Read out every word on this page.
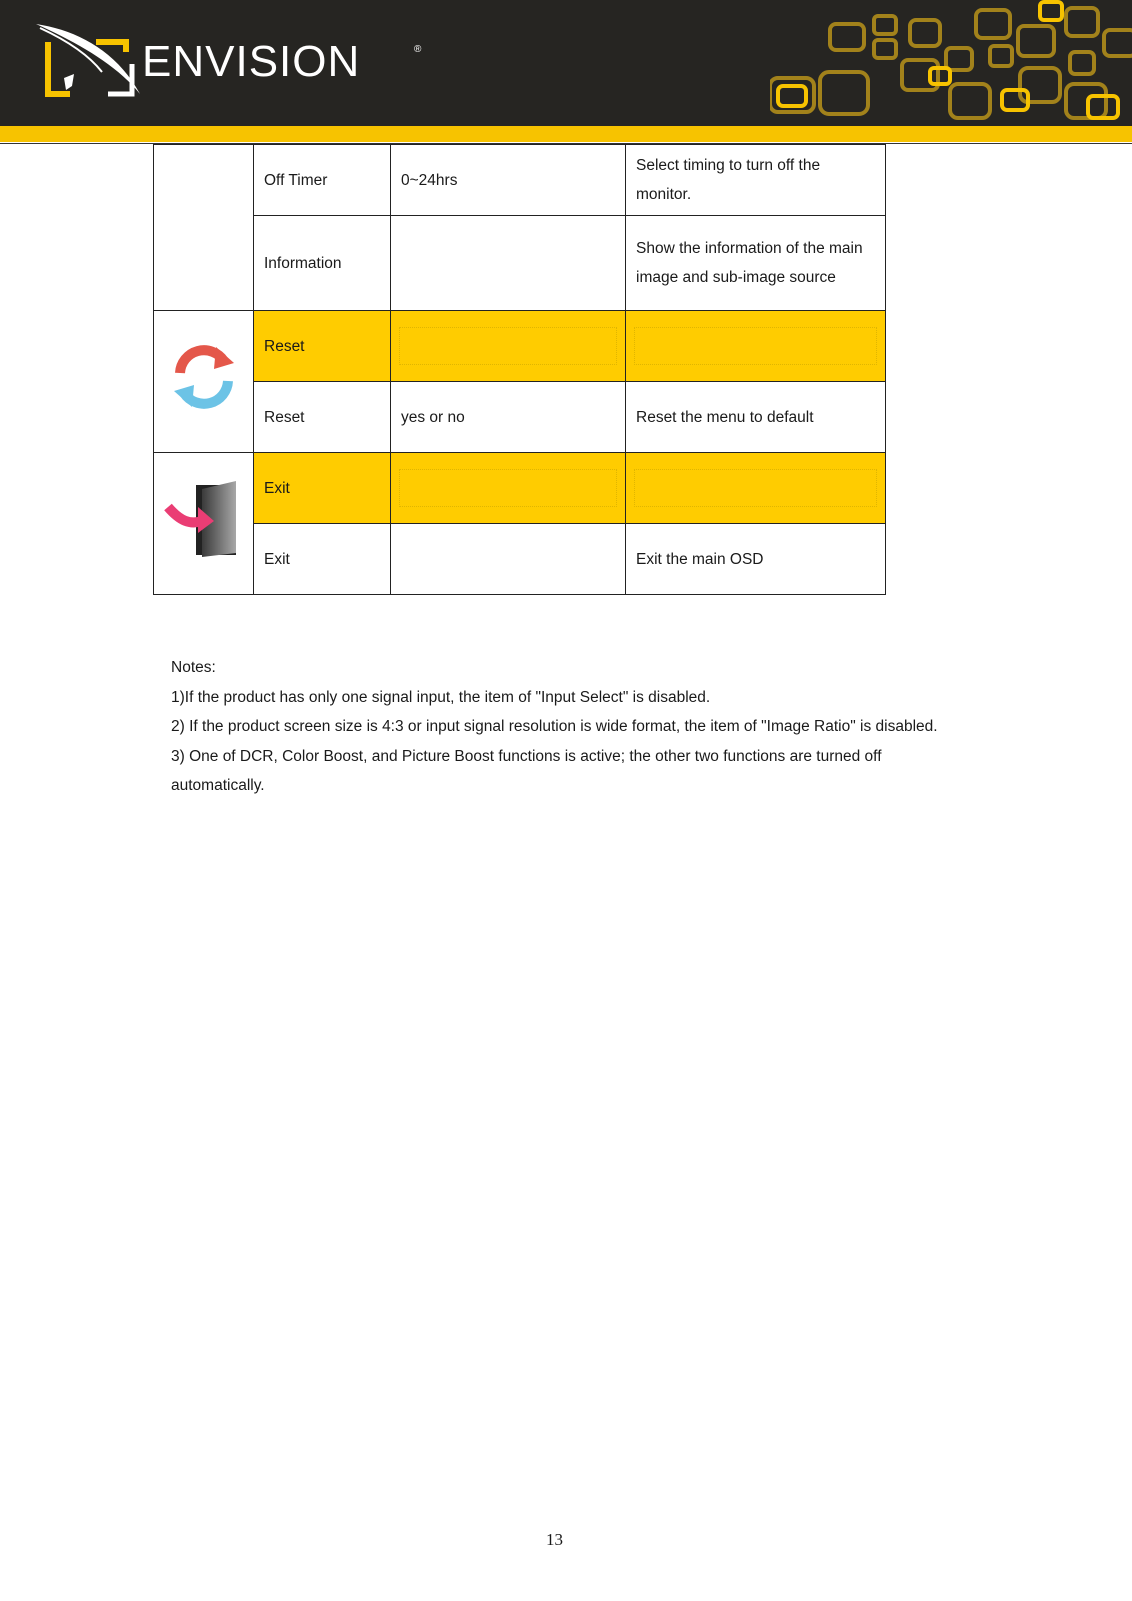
ENVISION	®
	Off Timer	0~24hrs	Select timing to turn off the monitor.
	Information		Show the information of the main image and sub-image source
	Reset	

	Reset	yes or no	Reset the menu to default
	Exit	

	Exit		Exit the main OSD

Notes:

1)If the product has only one signal input, the item of "Input Select" is disabled.

2) If the product screen size is 4:3 or input signal resolution is wide format, the item of "Image Ratio" is disabled.

3) One of DCR, Color Boost, and Picture Boost functions is active; the other two functions are turned off automatically.

13
